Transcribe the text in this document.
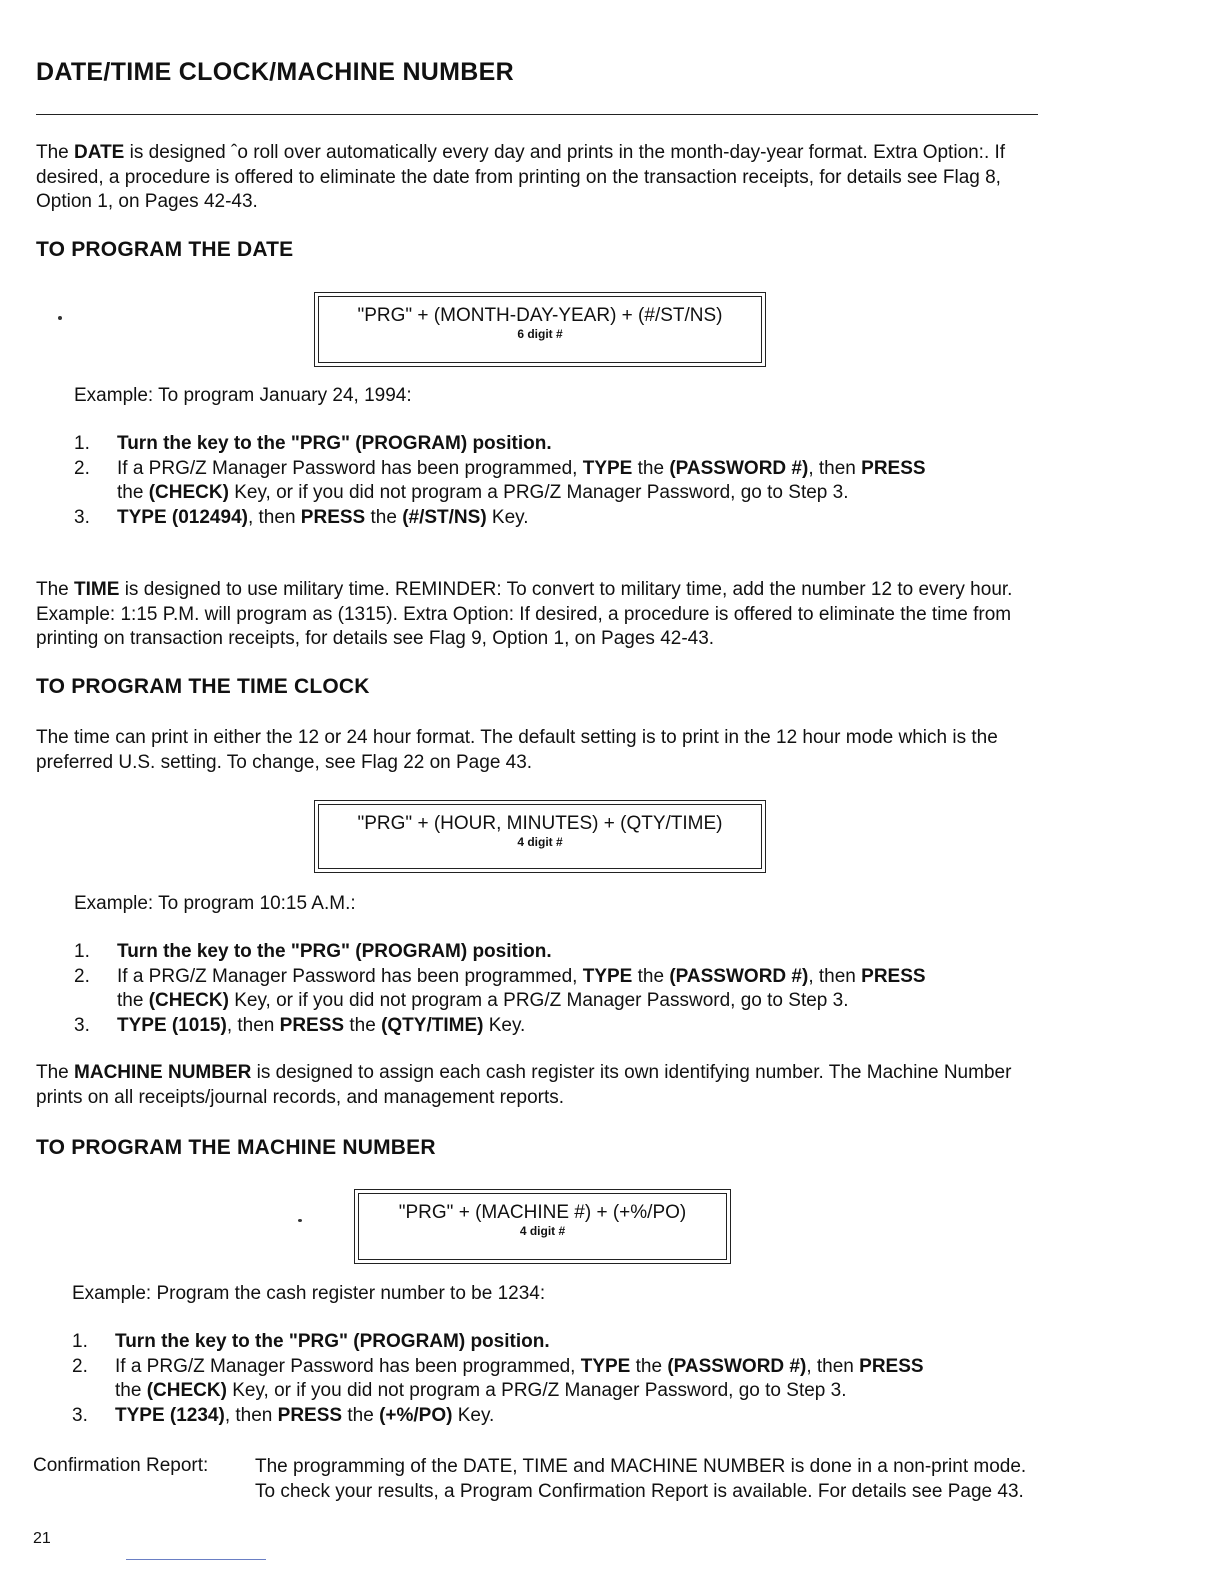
DATE/TIME CLOCK/MACHINE NUMBER

The DATE is designed ˆo roll over automatically every day and prints in the month-day-year format. Extra Option:. If desired, a procedure is offered to eliminate the date from printing on the transaction receipts, for details see Flag 8, Option 1, on Pages 42-43.

TO PROGRAM THE DATE
"PRG" + (MONTH-DAY-YEAR) + (#/ST/NS)
6 digit #

Example: To program January 24, 1994:

1. Turn the key to the "PRG" (PROGRAM) position.
2. If a PRG/Z Manager Password has been programmed, TYPE the (PASSWORD #), then PRESS
the (CHECK) Key, or if you did not program a PRG/Z Manager Password, go to Step 3.
3. TYPE (012494), then PRESS the (#/ST/NS) Key.

The TIME is designed to use military time. REMINDER: To convert to military time, add the number 12 to every hour. Example: 1:15 P.M. will program as (1315). Extra Option: If desired, a procedure is offered to eliminate the time from printing on transaction receipts, for details see Flag 9, Option 1, on Pages 42-43.

TO PROGRAM THE TIME CLOCK

The time can print in either the 12 or 24 hour format. The default setting is to print in the 12 hour mode which is the preferred U.S. setting. To change, see Flag 22 on Page 43.

"PRG" + (HOUR, MINUTES) + (QTY/TIME)
4 digit #

Example: To program 10:15 A.M.:

1. Turn the key to the "PRG" (PROGRAM) position.
2. If a PRG/Z Manager Password has been programmed, TYPE the (PASSWORD #), then PRESS
the (CHECK) Key, or if you did not program a PRG/Z Manager Password, go to Step 3.
3. TYPE (1015), then PRESS the (QTY/TIME) Key.

The MACHINE NUMBER is designed to assign each cash register its own identifying number. The Machine Number prints on all receipts/journal records, and management reports.

TO PROGRAM THE MACHINE NUMBER
"PRG" + (MACHINE #) + (+%/PO)
4 digit #

Example: Program the cash register number to be 1234:

1. Turn the key to the "PRG" (PROGRAM) position.
2. If a PRG/Z Manager Password has been programmed, TYPE the (PASSWORD #), then PRESS
the (CHECK) Key, or if you did not program a PRG/Z Manager Password, go to Step 3.
3. TYPE (1234), then PRESS the (+%/PO) Key.
Confirmation Report: The programming of the DATE, TIME and MACHINE NUMBER is done in a non-print mode. To check your results, a Program Confirmation Report is available. For details see Page 43.
21
